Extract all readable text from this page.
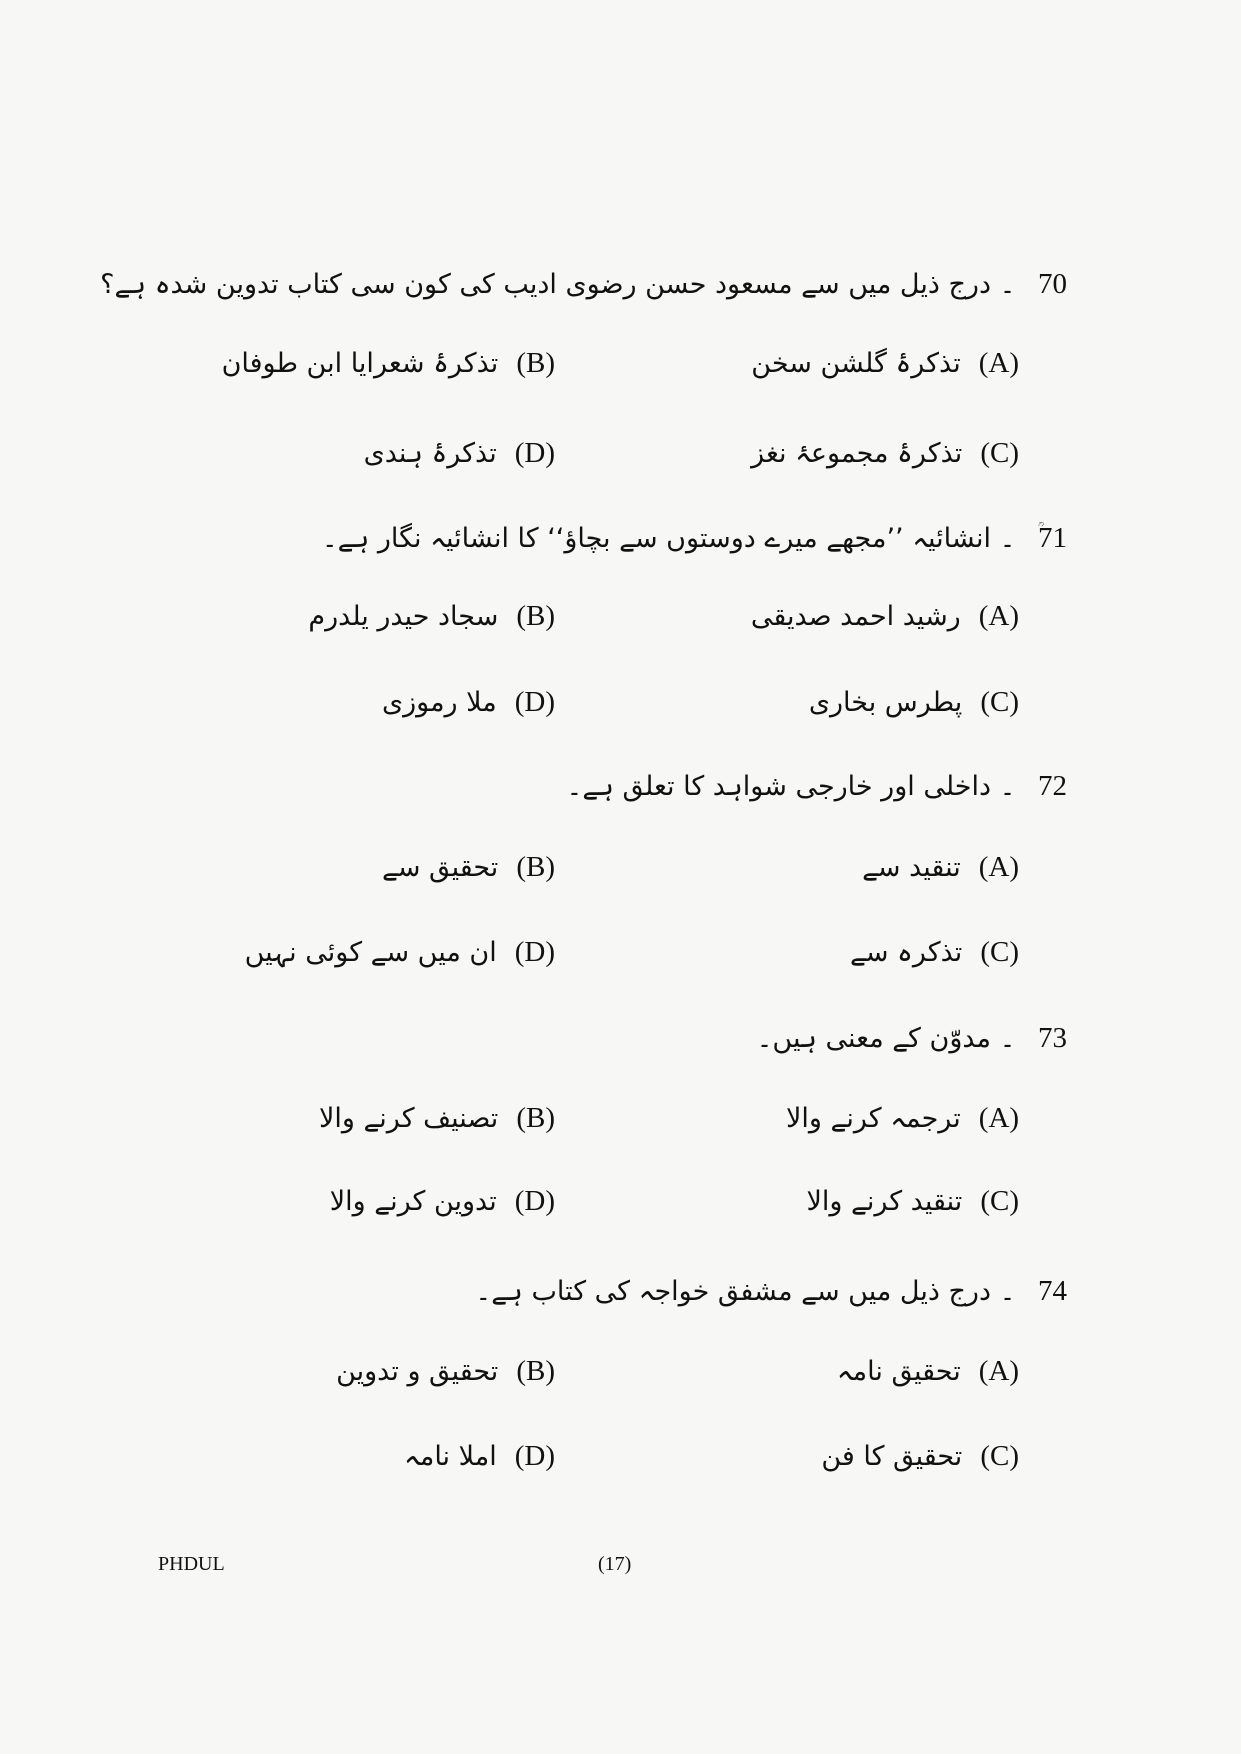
70 ۔ درج ذیل میں سے مسعود حسن رضوی ادیب کی کون سی کتاب تدوین شدہ ہے؟
(A)تذکرۂ گلشن سخن
(B)تذکرۂ شعرایا ابن طوفان
(C)تذکرۂ مجموعۂ نغز
(D)تذکرۂ ہندی
71 ۔ انشائیہ ’’مجھے میرے دوستوں سے بچاؤ‘‘ کا انشائیہ نگار ہے۔
(A)رشید احمد صدیقی
(B)سجاد حیدر یلدرم
(C)پطرس بخاری
(D)ملا رموزی
72 ۔ داخلی اور خارجی شواہد کا تعلق ہے۔
(A)تنقید سے
(B)تحقیق سے
(C)تذکرہ سے
(D)ان میں سے کوئی نہیں
73 ۔ مدوّن کے معنی ہیں۔
(A)ترجمہ کرنے والا
(B)تصنیف کرنے والا
(C)تنقید کرنے والا
(D)تدوین کرنے والا
74 ۔ درج ذیل میں سے مشفق خواجہ کی کتاب ہے۔
(A)تحقیق نامہ
(B)تحقیق و تدوین
(C)تحقیق کا فن
(D)املا نامہ
PHDUL	(17)
